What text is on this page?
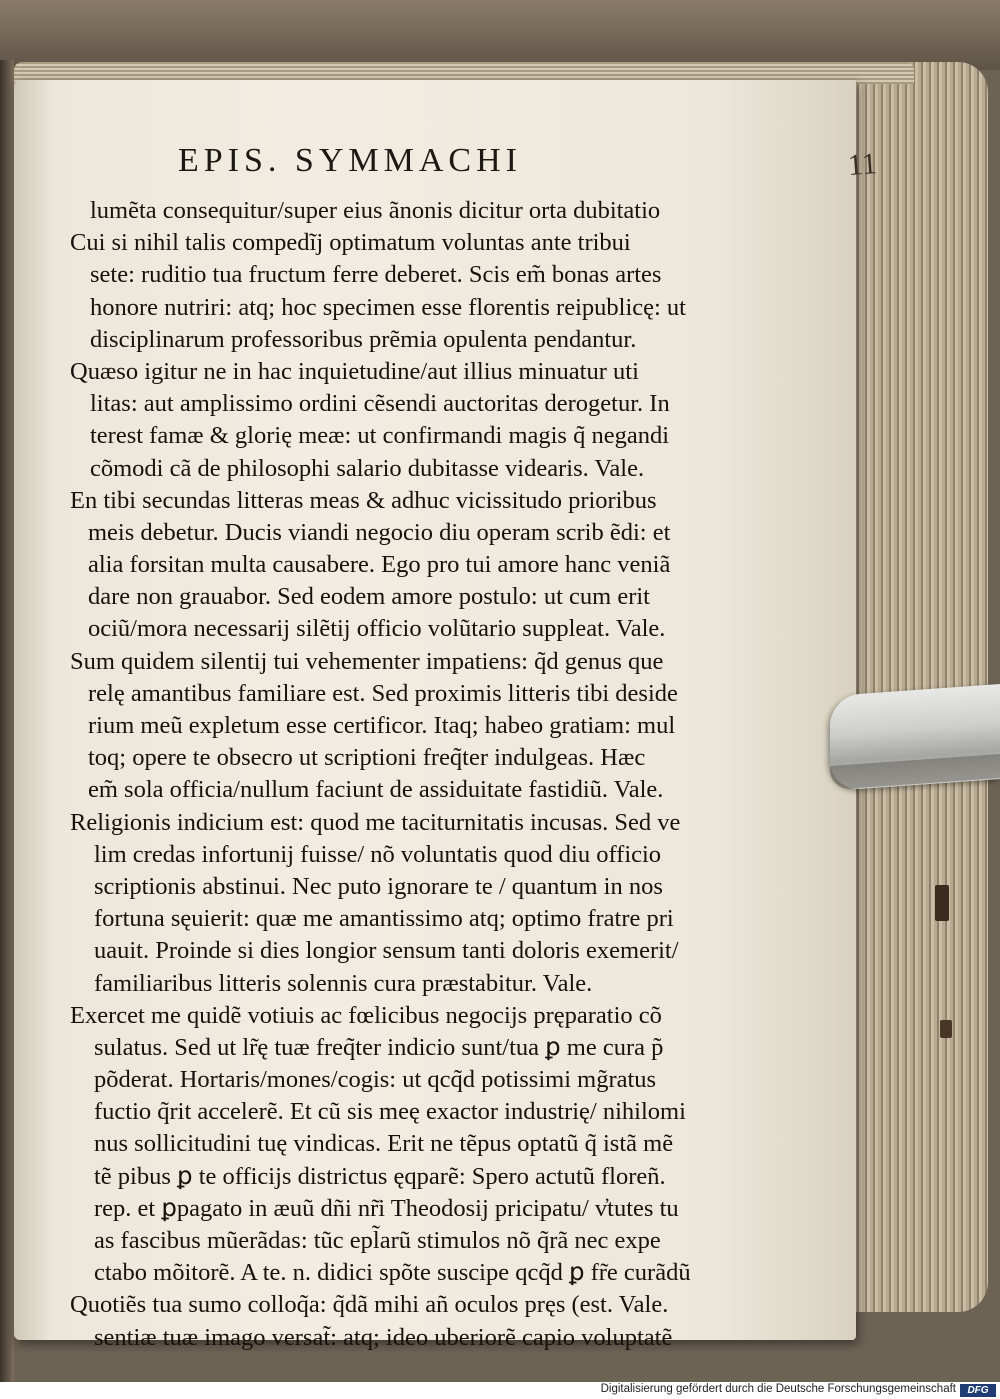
EPIS. SYMMACHI	11
lumẽta consequitur/super eius ãnonis dicitur orta dubitatio
Cui si nihil talis compedĩj optimatum voluntas ante tribui
sete: ruditio tua fructum ferre deberet. Scis em̃ bonas artes
honore nutriri: atq; hoc specimen esse florentis reipublicę: ut
disciplinarum professoribus prẽmia opulenta pendantur.
Quæso igitur ne in hac inquietudine/aut illius minuatur uti
litas: aut amplissimo ordini cẽsendi auctoritas derogetur. In
terest famæ & glorię meæ: ut confirmandi magis q̃ negandi
cõmodi cã de philosophi salario dubitasse videaris. Vale.
En tibi secundas litteras meas & adhuc vicissitudo prioribus
meis debetur. Ducis viandi negocio diu operam scrib ẽdi: et
alia forsitan multa causabere. Ego pro tui amore hanc veniã
dare non grauabor. Sed eodem amore postulo: ut cum erit
ociũ/mora necessarij silẽtij officio volũtario suppleat. Vale.
Sum quidem silentij tui vehementer impatiens: q̃d genus que
relę amantibus familiare est. Sed proximis litteris tibi deside
rium meũ expletum esse certificor. Itaq; habeo gratiam: mul
toq; opere te obsecro ut scriptioni freq̃ter indulgeas. Hæc
em̃ sola officia/nullum faciunt de assiduitate fastidiũ. Vale.
Religionis indicium est: quod me taciturnitatis incusas. Sed ve
lim credas infortunij fuisse/ nõ voluntatis quod diu officio
scriptionis abstinui. Nec puto ignorare te / quantum in nos
fortuna sęuierit: quæ me amantissimo atq; optimo fratre pri
uauit. Proinde si dies longior sensum tanti doloris exemerit/
familiaribus litteris solennis cura præstabitur. Vale.
Exercet me quidẽ votiuis ac fœlicibus negocijs pręparatio cõ
sulatus. Sed ut lr̃ę tuæ freq̃ter indicio sunt/tua ꝑ me cura p̃
põderat. Hortaris/mones/cogis: ut qcq̃d potissimi mg̃ratus
fuctio q̃rit accelerẽ. Et cũ sis meę exactor industrię/ nihilomi
nus sollicitudini tuę vindicas. Erit ne tẽpus optatũ q̃ istã mẽ
tẽ pibus ꝑ te officijs districtus ęqparẽ: Spero actutũ floreñ.
rep. et ꝑpagato in æuũ dñi nr̃i Theodosij pricipatu/ v̓tutes tu
as fascibus mũerãdas: tũc epl̃arũ stimulos nõ q̃rã nec expe
ctabo mõitorẽ. A te. n. didici spõte suscipe qcq̃d ꝑ fr̃e curãdũ
Quotiẽs tua sumo colloq̃a: q̃dã mihi añ oculos pręs (est. Vale.
sentiæ tuæ imago versat̃: atq; ideo uberiorẽ capio voluptatẽ
Digitalisierung gefördert durch die Deutsche Forschungsgemeinschaft	DFG
